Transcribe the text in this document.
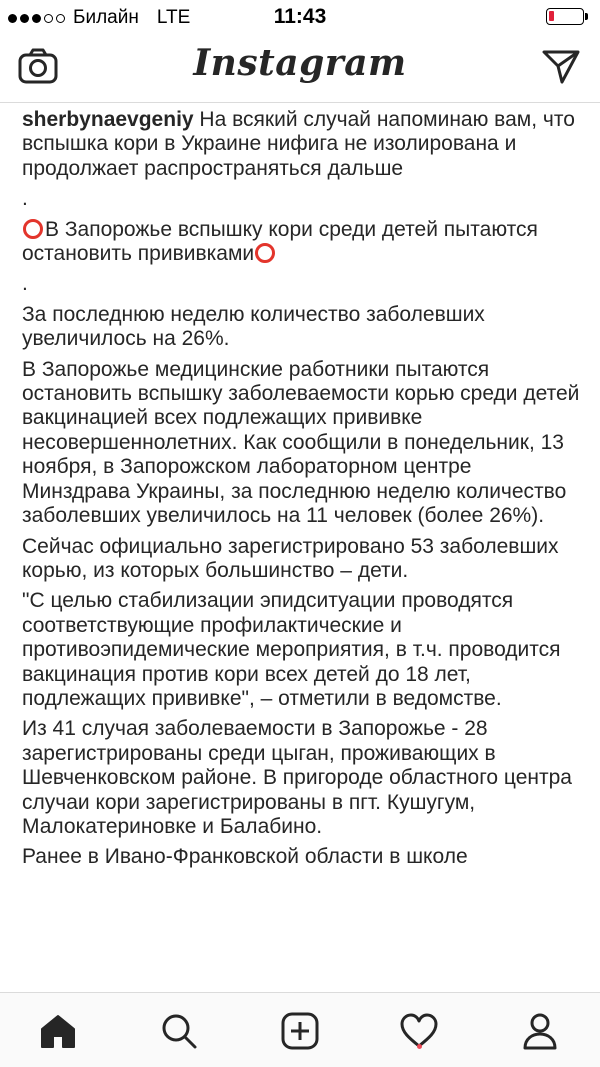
Билайн LTE	11:43
Instagram

sherbynaevgeniy На всякий случай напоминаю вам, что вспышка кори в Украине нифига не изолирована и продолжает распространяться дальше

.

В Запорожье вспышку кори среди детей пытаются остановить прививками

.

За последнюю неделю количество заболевших увеличилось на 26%.

В Запорожье медицинские работники пытаются остановить вспышку заболеваемости корью среди детей вакцинацией всех подлежащих прививке несовершеннолетних. Как сообщили в понедельник, 13 ноября, в Запорожском лабораторном центре Минздрава Украины, за последнюю неделю количество заболевших увеличилось на 11 человек (более 26%).

Сейчас официально зарегистрировано 53 заболевших корью, из которых большинство – дети.

"С целью стабилизации эпидситуации проводятся соответствующие профилактические и противоэпидемические мероприятия, в т.ч. проводится вакцинация против кори всех детей до 18 лет, подлежащих прививке", – отметили в ведомстве.

Из 41 случая заболеваемости в Запорожье - 28 зарегистрированы среди цыган, проживающих в Шевченковском районе. В пригороде областного центра случаи кори зарегистрированы в пгт. Кушугум, Малокатериновке и Балабино.

Ранее в Ивано-Франковской области в школе
